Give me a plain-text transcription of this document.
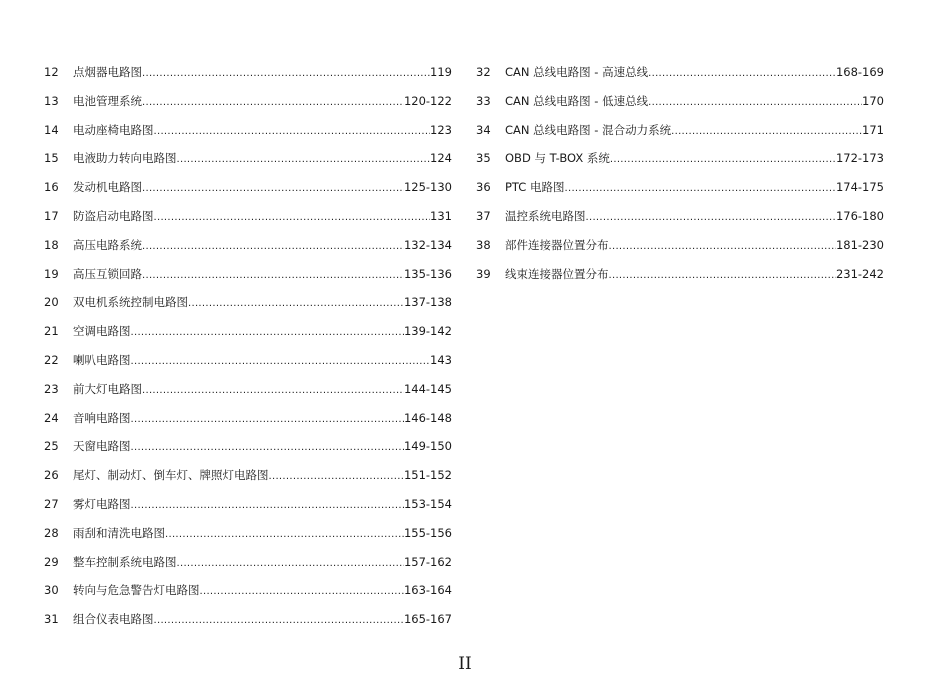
12	点烟器电路图 .....	119
13	电池管理系统 .....	120-122
14	电动座椅电路图 .....	123
15	电液助力转向电路图 .....	124
16	发动机电路图 .....	125-130
17	防盗启动电路图 .....	131
18	高压电路系统 .....	132-134
19	高压互锁回路 .....	135-136
20	双电机系统控制电路图 .....	137-138
21	空调电路图 .....	139-142
22	喇叭电路图 .....	143
23	前大灯电路图 .....	144-145
24	音响电路图 .....	146-148
25	天窗电路图 .....	149-150
26	尾灯、制动灯、倒车灯、牌照灯电路图 .....	151-152
27	雾灯电路图 .....	153-154
28	雨刮和清洗电路图 .....	155-156
29	整车控制系统电路图 .....	157-162
30	转向与危急警告灯电路图 .....	163-164
31	组合仪表电路图 .....	165-167
32	CAN 总线电路图 - 高速总线 .....	168-169
33	CAN 总线电路图 - 低速总线 .....	170
34	CAN 总线电路图 - 混合动力系统 .....	171
35	OBD 与 T-BOX 系统 .....	172-173
36	PTC 电路图 .....	174-175
37	温控系统电路图 .....	176-180
38	部件连接器位置分布 .....	181-230
39	线束连接器位置分布 .....	231-242
II
